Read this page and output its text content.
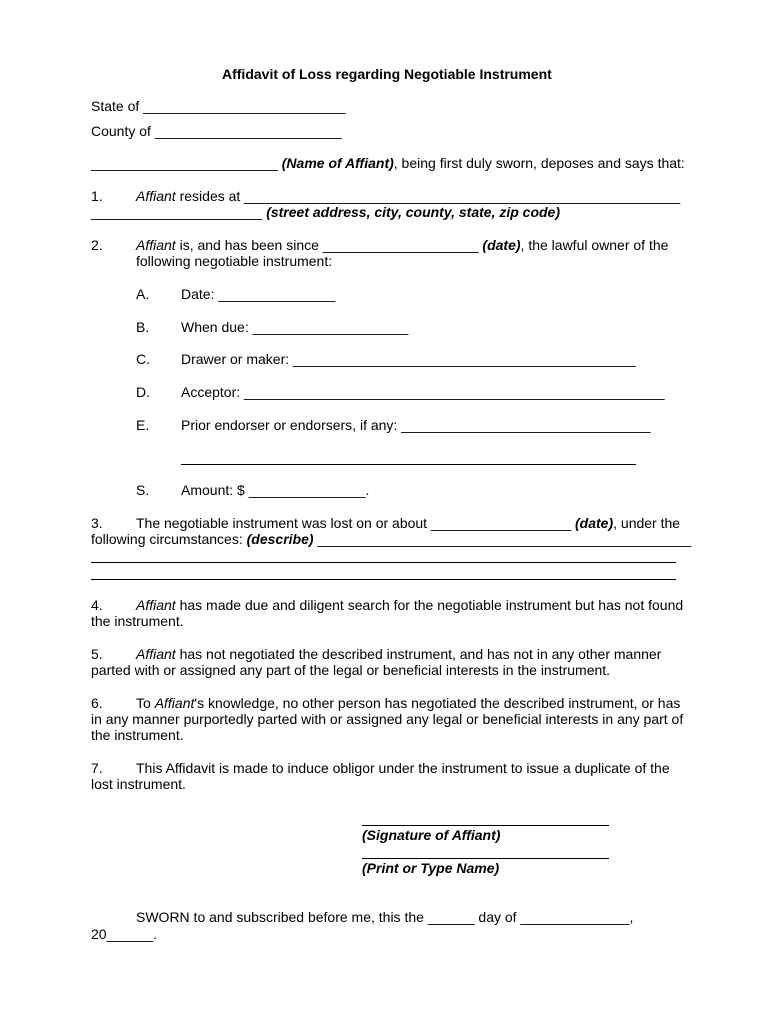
Affidavit of Loss regarding Negotiable Instrument
State of __________________________
County of ________________________
________________________ (Name of Affiant), being first duly sworn, deposes and says that:
1. Affiant resides at ________________________________________________________
______________________ (street address, city, county, state, zip code)
2. Affiant is, and has been since ____________________ (date), the lawful owner of the
following negotiable instrument:
A. Date: _______________
B. When due: ____________________
C. Drawer or maker: ____________________________________________
D. Acceptor: ______________________________________________________
E. Prior endorser or endorsers, if any: ________________________________
S. Amount: $ _______________.
3. The negotiable instrument was lost on or about __________________ (date), under the
following circumstances: (describe) ________________________________________________
4. Affiant has made due and diligent search for the negotiable instrument but has not found
the instrument.
5. Affiant has not negotiated the described instrument, and has not in any other manner
parted with or assigned any part of the legal or beneficial interests in the instrument.
6. To Affiant's knowledge, no other person has negotiated the described instrument, or has
in any manner purportedly parted with or assigned any legal or beneficial interests in any part of
the instrument.
7. This Affidavit is made to induce obligor under the instrument to issue a duplicate of the
lost instrument.
(Signature of Affiant)
(Print or Type Name)
SWORN to and subscribed before me, this the ______ day of ______________,
20______.
